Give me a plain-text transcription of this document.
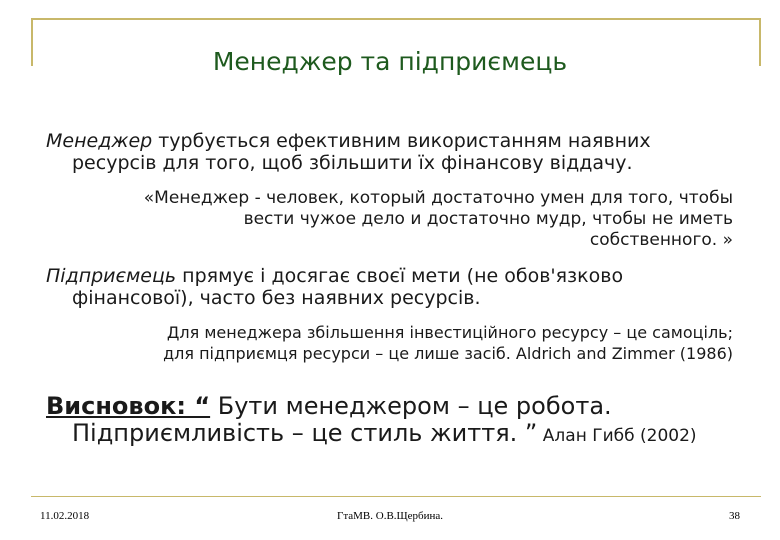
Менеджер та підприємець
Менеджер турбується ефективним використанням наявних
ресурсів для того, щоб збільшити їх фінансову віддачу.
«Менеджер - человек, который достаточно умен для того, чтобы
вести чужое дело и достаточно мудр, чтобы не иметь
собственного. »
Підприємець прямує і досягає своєї мети (не обов'язково
фінансової), часто без наявних ресурсів.
Для менеджера збільшення інвестиційного ресурсу – це самоціль;
для підприємця ресурси – це лише засіб. Aldrich and Zimmer (1986)
Висновок: “ Бути менеджером – це робота.
Підприємливість – це стиль життя. ” Алан Гибб (2002)
11.02.2018	ГтаМВ. О.В.Щербина.	38
